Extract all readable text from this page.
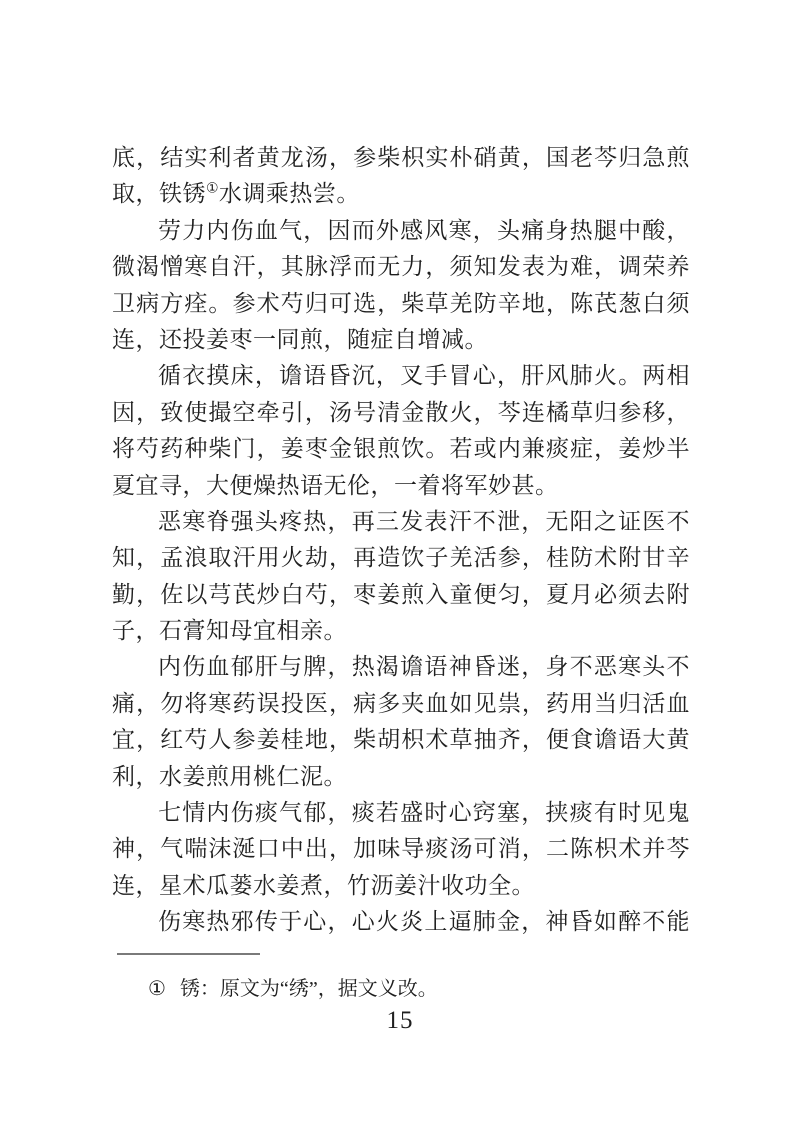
底，结实利者黄龙汤，参柴枳实朴硝黄，国老芩归急煎

取，铁锈①水调乘热尝。

劳力内伤血气，因而外感风寒，头痛身热腿中酸，

微渴憎寒自汗，其脉浮而无力，须知发表为难，调荣养

卫病方痊。参术芍归可选，柴草羌防辛地，陈芪葱白须

连，还投姜枣一同煎，随症自增减。

循衣摸床，谵语昏沉，叉手冒心，肝风肺火。两相

因，致使撮空牵引，汤号清金散火，芩连橘草归参移，

将芍药种柴门，姜枣金银煎饮。若或内兼痰症，姜炒半

夏宜寻，大便燥热语无伦，一着将军妙甚。

恶寒脊强头疼热，再三发表汗不泄，无阳之证医不

知，孟浪取汗用火劫，再造饮子羌活参，桂防术附甘辛

勤，佐以芎芪炒白芍，枣姜煎入童便匀，夏月必须去附

子，石膏知母宜相亲。

内伤血郁肝与脾，热渴谵语神昏迷，身不恶寒头不

痛，勿将寒药误投医，病多夹血如见祟，药用当归活血

宜，红芍人参姜桂地，柴胡枳术草抽齐，便食谵语大黄

利，水姜煎用桃仁泥。

七情内伤痰气郁，痰若盛时心窍塞，挟痰有时见鬼

神，气喘沫涎口中出，加味导痰汤可消，二陈枳术并芩

连，星术瓜蒌水姜煮，竹沥姜汁收功全。

伤寒热邪传于心，心火炎上逼肺金，神昏如醉不能

① 锈：原文为“绣”，据文义改。

15
